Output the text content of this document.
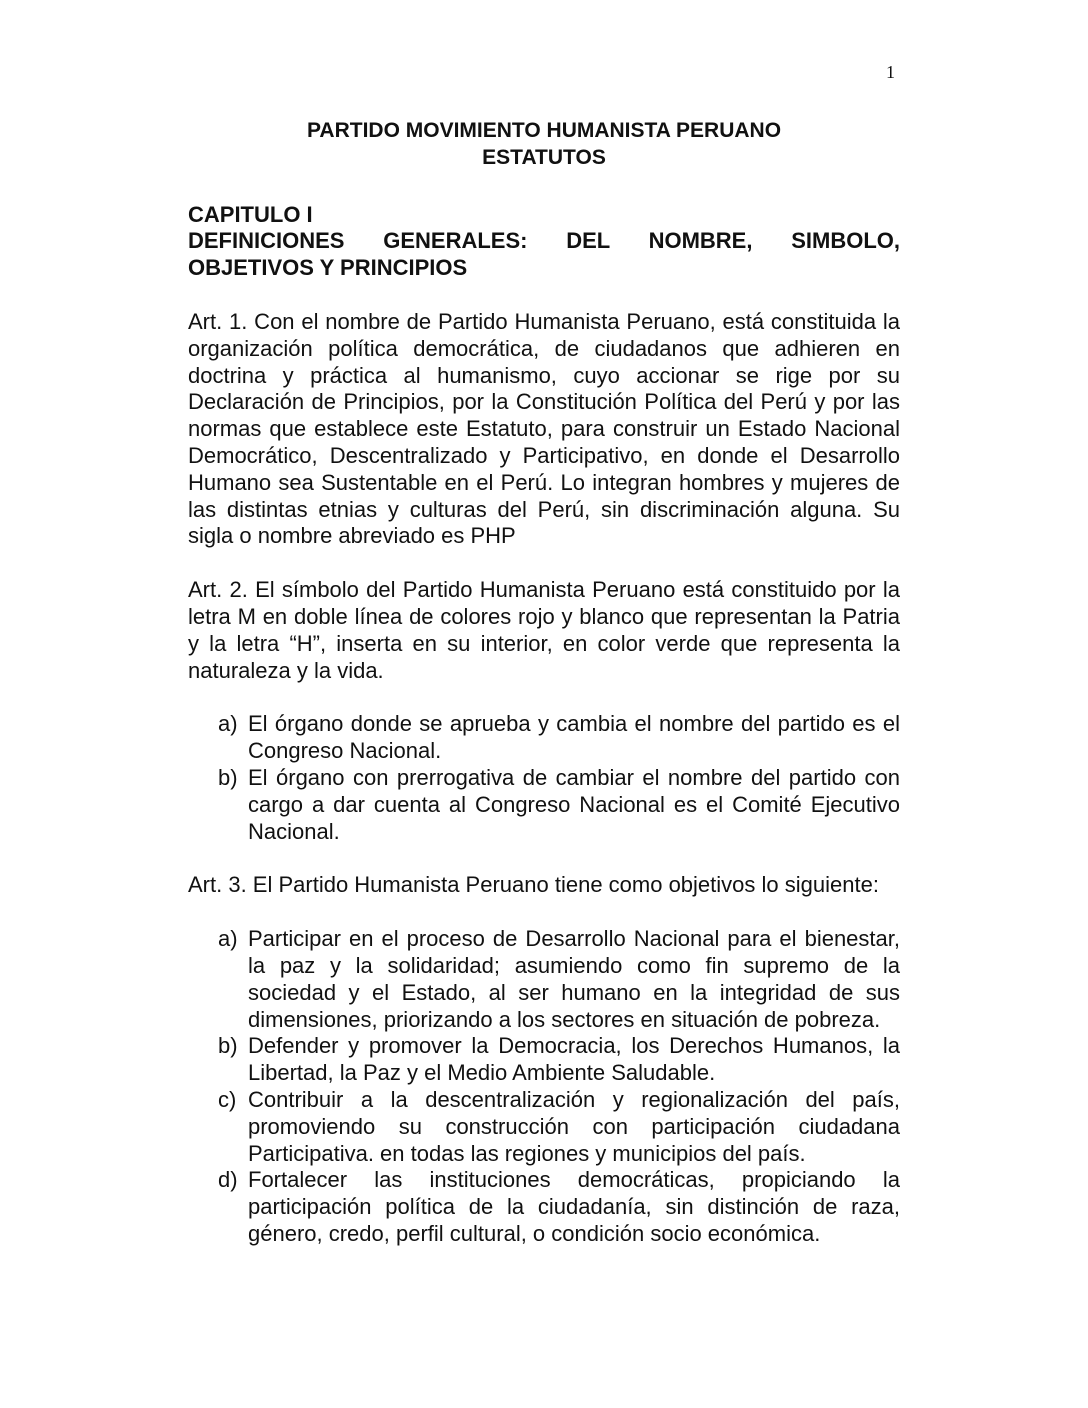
1

PARTIDO MOVIMIENTO HUMANISTA PERUANO

ESTATUTOS

CAPITULO I

DEFINICIONES GENERALES: DEL NOMBRE, SIMBOLO,

OBJETIVOS Y PRINCIPIOS

Art. 1. Con el nombre de Partido Humanista Peruano, está constituida la organización política democrática, de ciudadanos que adhieren en doctrina y práctica al humanismo, cuyo accionar se rige por su Declaración de Principios, por la Constitución Política del Perú y por las normas que establece este Estatuto, para construir un Estado Nacional Democrático, Descentralizado y Participativo, en donde el Desarrollo Humano sea Sustentable en el Perú. Lo integran hombres y mujeres de las distintas etnias y culturas del Perú, sin discriminación alguna. Su sigla o nombre abreviado es PHP

Art. 2. El símbolo del Partido Humanista Peruano está constituido por la letra M en doble línea de colores rojo y blanco que representan la Patria y la letra “H”, inserta en su interior, en color verde que representa la naturaleza y la vida.

a) El órgano donde se aprueba y cambia el nombre del partido es el Congreso Nacional.
b) El órgano con prerrogativa de cambiar el nombre del partido con cargo a dar cuenta al Congreso Nacional es el Comité Ejecutivo Nacional.

Art. 3. El Partido Humanista Peruano tiene como objetivos lo siguiente:

a) Participar en el proceso de Desarrollo Nacional para el bienestar, la paz y la solidaridad; asumiendo como fin supremo de la sociedad y el Estado, al ser humano en la integridad de sus dimensiones, priorizando a los sectores en situación de pobreza.
b) Defender y promover la Democracia, los Derechos Humanos, la Libertad, la Paz y el Medio Ambiente Saludable.
c) Contribuir a la descentralización y regionalización del país, promoviendo su construcción con participación ciudadana Participativa. en todas las regiones y municipios del país.
d) Fortalecer las instituciones democráticas, propiciando la participación política de la ciudadanía, sin distinción de raza, género, credo, perfil cultural, o condición socio económica.
